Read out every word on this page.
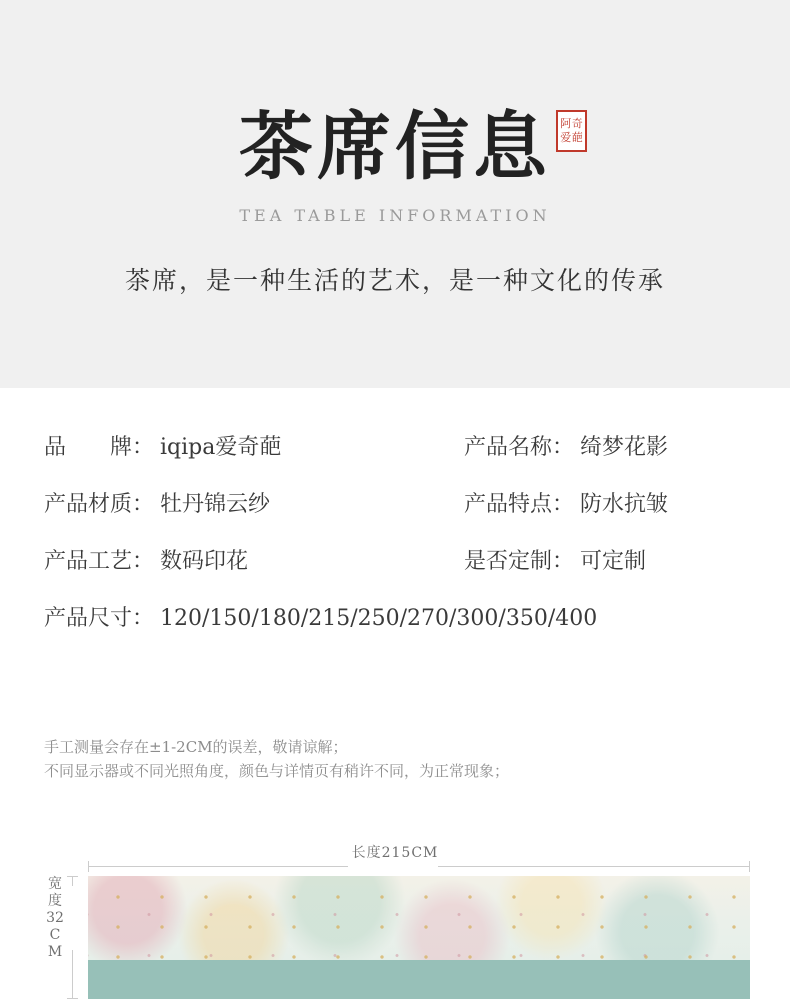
茶席信息 阿 奇
爱 葩
TEA TABLE INFORMATION
茶席，是一种生活的艺术，是一种文化的传承
品　　牌： iqipa爱奇葩	产品名称： 绮梦花影
产品材质： 牡丹锦云纱	产品特点： 防水抗皱
产品工艺： 数码印花	是否定制： 可定制
产品尺寸： 120/150/180/215/250/270/300/350/400
手工测量会存在±1-2CM的误差，敬请谅解；
不同显示器或不同光照角度，颜色与详情页有稍许不同，为正常现象；
长度215CM
宽度32CM
